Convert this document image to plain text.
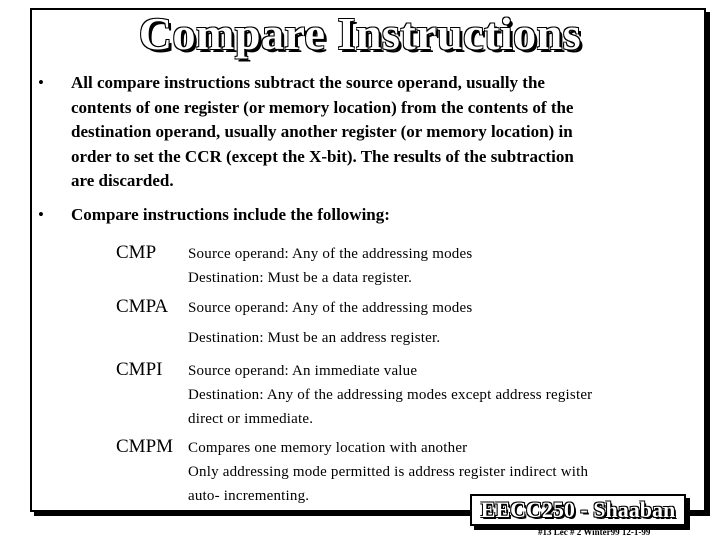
Compare Instructions
• All compare instructions subtract the source operand, usually the
contents of one register (or memory location) from the contents of the
destination operand, usually another register (or memory location) in
order to set the CCR (except the X-bit). The results of the subtraction
are discarded.
• Compare instructions include the following:
CMP Source operand: Any of the addressing modes
Destination: Must be a data register.
CMPA Source operand: Any of the addressing modes
Destination: Must be an address register.
CMPI Source operand: An immediate value
Destination: Any of the addressing modes except address register
direct or immediate.
CMPM Compares one memory location with another
Only addressing mode permitted is address register indirect with
auto- incrementing.
EECC250 - Shaaban
#13 Lec # 2 Winter99 12-1-99
